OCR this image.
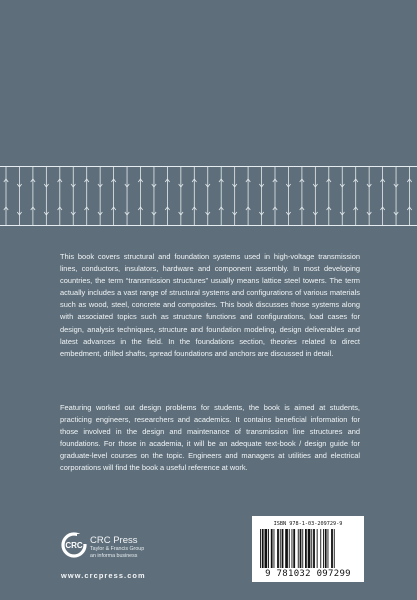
This book covers structural and foundation systems used in high-voltage transmission lines, conductors, insulators, hardware and component assembly. In most developing countries, the term “transmission structures” usually means lattice steel towers. The term actually includes a vast range of structural systems and configurations of various materials such as wood, steel, concrete and composites. This book discusses those systems along with associated topics such as structure functions and configurations, load cases for design, analysis techniques, structure and foundation modeling, design deliverables and latest advances in the field. In the foundations section, theories related to direct embedment, drilled shafts, spread foundations and anchors are discussed in detail.

Featuring worked out design problems for students, the book is aimed at students, practicing engineers, researchers and academics. It contains beneficial information for those involved in the design and maintenance of transmission line structures and foundations. For those in academia, it will be an adequate text-book / design guide for graduate-level courses on the topic. Engineers and managers at utilities and electrical corporations will find the book a useful reference at work.

CRC CRC Press
Taylor & Francis Group
an informa business
www.crcpress.com
ISBN 978-1-03-209729-9
9 781032 097299
